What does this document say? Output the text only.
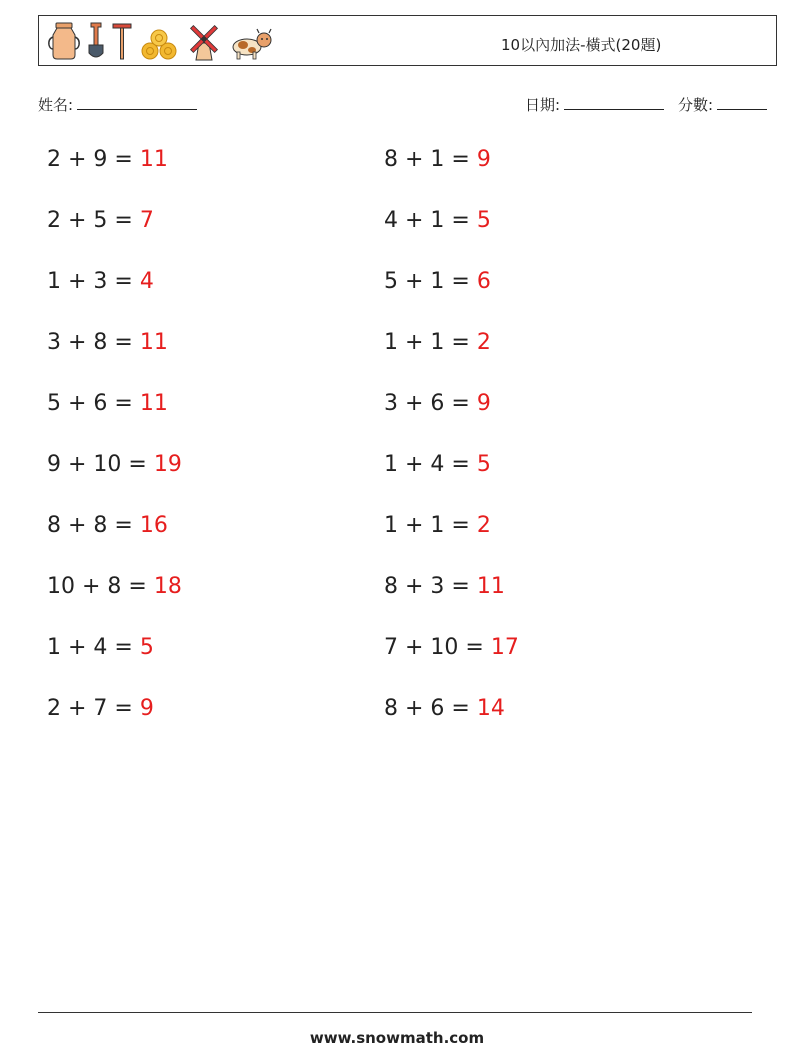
10以內加法-橫式(20題)
姓名:	日期:	分數:
2 + 9 = 11
2 + 5 = 7
1 + 3 = 4
3 + 8 = 11
5 + 6 = 11
9 + 10 = 19
8 + 8 = 16
10 + 8 = 18
1 + 4 = 5
2 + 7 = 9
8 + 1 = 9
4 + 1 = 5
5 + 1 = 6
1 + 1 = 2
3 + 6 = 9
1 + 4 = 5
1 + 1 = 2
8 + 3 = 11
7 + 10 = 17
8 + 6 = 14
www.snowmath.com
